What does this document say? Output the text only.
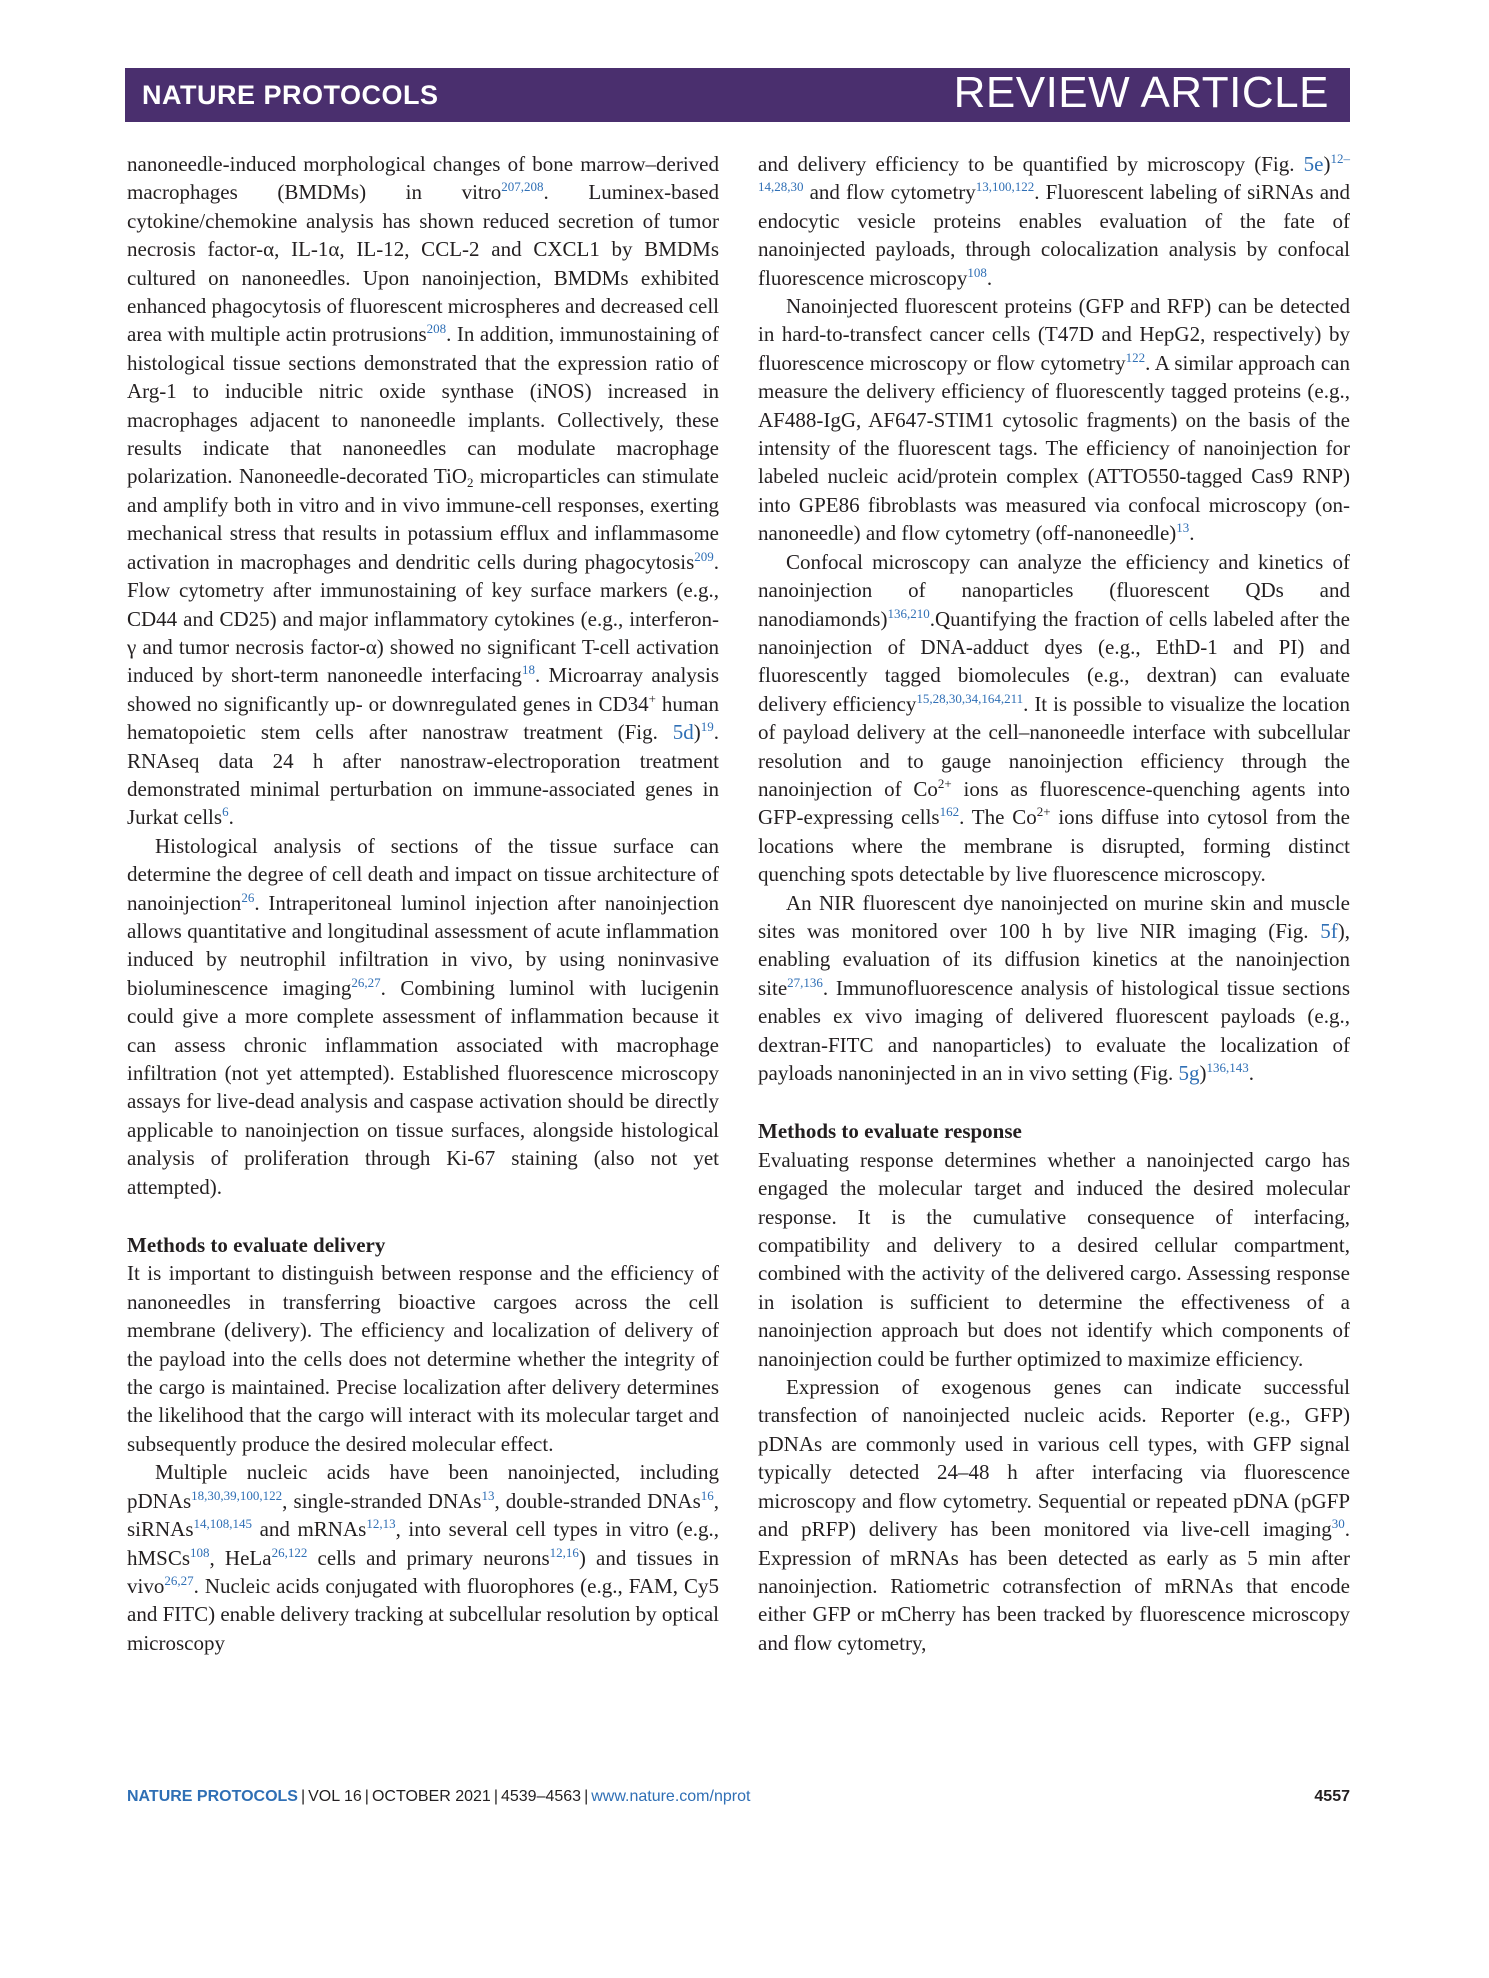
NATURE PROTOCOLS	REVIEW ARTICLE

nanoneedle-induced morphological changes of bone marrow–derived macrophages (BMDMs) in vitro$^{207,208}$. Luminex-based cytokine/chemokine analysis has shown reduced secretion of tumor necrosis factor-α, IL-1α, IL-12, CCL-2 and CXCL1 by BMDMs cultured on nanoneedles. Upon nanoinjection, BMDMs exhibited enhanced phagocytosis of fluorescent microspheres and decreased cell area with multiple actin protrusions$^{208}$. In addition, immunostaining of histological tissue sections demonstrated that the expression ratio of Arg-1 to inducible nitric oxide synthase (iNOS) increased in macrophages adjacent to nanoneedle implants. Collectively, these results indicate that nanoneedles can modulate macrophage polarization. Nanoneedle-decorated TiO$_2$ microparticles can stimulate and amplify both in vitro and in vivo immune-cell responses, exerting mechanical stress that results in potassium efflux and inflammasome activation in macrophages and dendritic cells during phagocytosis$^{209}$. Flow cytometry after immunostaining of key surface markers (e.g., CD44 and CD25) and major inflammatory cytokines (e.g., interferon-γ and tumor necrosis factor-α) showed no significant T-cell activation induced by short-term nanoneedle interfacing$^{18}$. Microarray analysis showed no significantly up- or downregulated genes in CD34+ human hematopoietic stem cells after nanostraw treatment (Fig. 5d)$^{19}$. RNAseq data 24 h after nanostraw-electroporation treatment demonstrated minimal perturbation on immune-associated genes in Jurkat cells$^6$.

Histological analysis of sections of the tissue surface can determine the degree of cell death and impact on tissue architecture of nanoinjection$^{26}$. Intraperitoneal luminol injection after nanoinjection allows quantitative and longitudinal assessment of acute inflammation induced by neutrophil infiltration in vivo, by using noninvasive bioluminescence imaging$^{26,27}$. Combining luminol with lucigenin could give a more complete assessment of inflammation because it can assess chronic inflammation associated with macrophage infiltration (not yet attempted). Established fluorescence microscopy assays for live-dead analysis and caspase activation should be directly applicable to nanoinjection on tissue surfaces, alongside histological analysis of proliferation through Ki-67 staining (also not yet attempted).

Methods to evaluate delivery

It is important to distinguish between response and the efficiency of nanoneedles in transferring bioactive cargoes across the cell membrane (delivery). The efficiency and localization of delivery of the payload into the cells does not determine whether the integrity of the cargo is maintained. Precise localization after delivery determines the likelihood that the cargo will interact with its molecular target and subsequently produce the desired molecular effect.

Multiple nucleic acids have been nanoinjected, including pDNAs$^{18,30,39,100,122}$, single-stranded DNAs$^{13}$, double-stranded DNAs$^{16}$, siRNAs$^{14,108,145}$ and mRNAs$^{12,13}$, into several cell types in vitro (e.g., hMSCs$^{108}$, HeLa$^{26,122}$ cells and primary neurons$^{12,16}$) and tissues in vivo$^{26,27}$. Nucleic acids conjugated with fluorophores (e.g., FAM, Cy5 and FITC) enable delivery tracking at subcellular resolution by optical microscopy

and delivery efficiency to be quantified by microscopy (Fig. 5e)$^{12-14,28,30}$ and flow cytometry$^{13,100,122}$. Fluorescent labeling of siRNAs and endocytic vesicle proteins enables evaluation of the fate of nanoinjected payloads, through colocalization analysis by confocal fluorescence microscopy$^{108}$.

Nanoinjected fluorescent proteins (GFP and RFP) can be detected in hard-to-transfect cancer cells (T47D and HepG2, respectively) by fluorescence microscopy or flow cytometry$^{122}$. A similar approach can measure the delivery efficiency of fluorescently tagged proteins (e.g., AF488-IgG, AF647-STIM1 cytosolic fragments) on the basis of the intensity of the fluorescent tags. The efficiency of nanoinjection for labeled nucleic acid/protein complex (ATTO550-tagged Cas9 RNP) into GPE86 fibroblasts was measured via confocal microscopy (on-nanoneedle) and flow cytometry (off-nanoneedle)$^{13}$.

Confocal microscopy can analyze the efficiency and kinetics of nanoinjection of nanoparticles (fluorescent QDs and nanodiamonds)$^{136,210}$.Quantifying the fraction of cells labeled after the nanoinjection of DNA-adduct dyes (e.g., EthD-1 and PI) and fluorescently tagged biomolecules (e.g., dextran) can evaluate delivery efficiency$^{15,28,30,34,164,211}$. It is possible to visualize the location of payload delivery at the cell–nanoneedle interface with subcellular resolution and to gauge nanoinjection efficiency through the nanoinjection of $Co^{2+}$ ions as fluorescence-quenching agents into GFP-expressing cells$^{162}$. The $Co^{2+}$ ions diffuse into cytosol from the locations where the membrane is disrupted, forming distinct quenching spots detectable by live fluorescence microscopy.

An NIR fluorescent dye nanoinjected on murine skin and muscle sites was monitored over 100 h by live NIR imaging (Fig. 5f), enabling evaluation of its diffusion kinetics at the nanoinjection site$^{27,136}$. Immunofluorescence analysis of histological tissue sections enables ex vivo imaging of delivered fluorescent payloads (e.g., dextran-FITC and nanoparticles) to evaluate the localization of payloads nanoninjected in an in vivo setting (Fig. 5g)$^{136,143}$.

Methods to evaluate response

Evaluating response determines whether a nanoinjected cargo has engaged the molecular target and induced the desired molecular response. It is the cumulative consequence of interfacing, compatibility and delivery to a desired cellular compartment, combined with the activity of the delivered cargo. Assessing response in isolation is sufficient to determine the effectiveness of a nanoinjection approach but does not identify which components of nanoinjection could be further optimized to maximize efficiency.

Expression of exogenous genes can indicate successful transfection of nanoinjected nucleic acids. Reporter (e.g., GFP) pDNAs are commonly used in various cell types, with GFP signal typically detected 24–48 h after interfacing via fluorescence microscopy and flow cytometry. Sequential or repeated pDNA (pGFP and pRFP) delivery has been monitored via live-cell imaging$^{30}$. Expression of mRNAs has been detected as early as 5 min after nanoinjection. Ratiometric cotransfection of mRNAs that encode either GFP or mCherry has been tracked by fluorescence microscopy and flow cytometry,

NATURE PROTOCOLS | VOL 16 | OCTOBER 2021 | 4539–4563 | www.nature.com/nprot	4557
